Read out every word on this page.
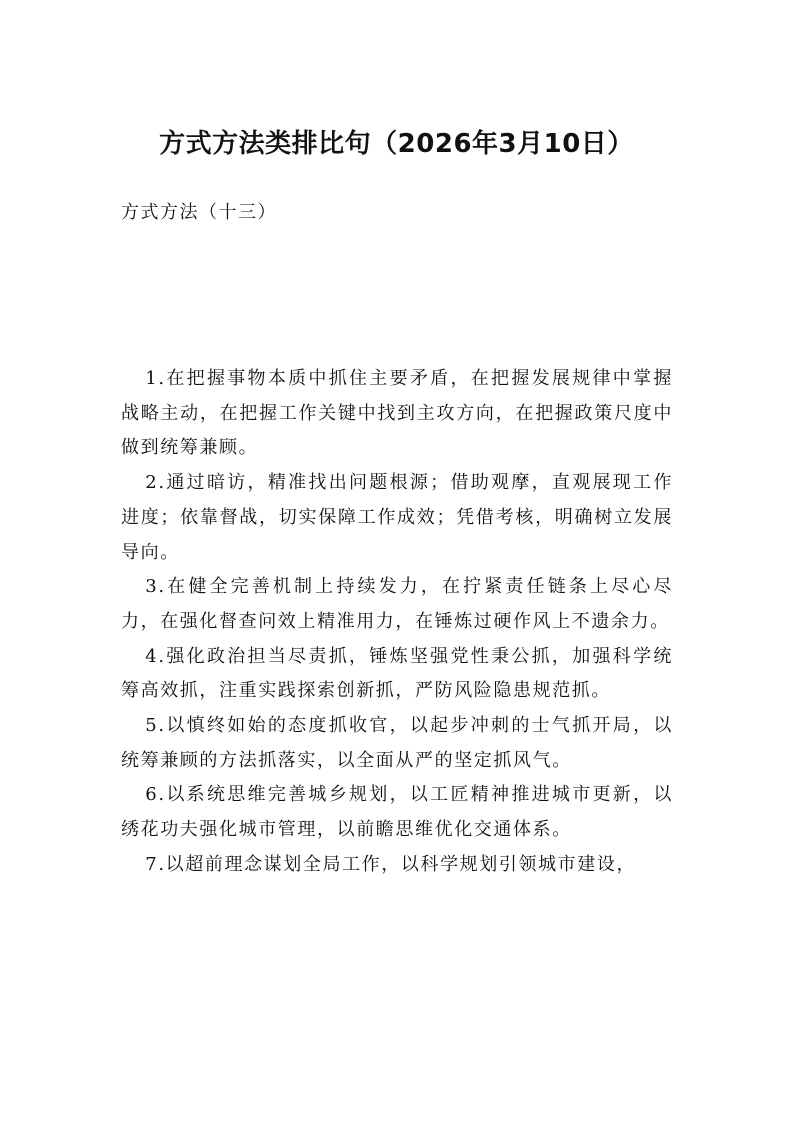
方式方法类排比句（2026年3月10日）

方式方法（十三）

1.在把握事物本质中抓住主要矛盾，在把握发展规律中掌握战略主动，在把握工作关键中找到主攻方向，在把握政策尺度中做到统筹兼顾。

2.通过暗访，精准找出问题根源；借助观摩，直观展现工作进度；依靠督战，切实保障工作成效；凭借考核，明确树立发展导向。

3.在健全完善机制上持续发力，在拧紧责任链条上尽心尽力，在强化督查问效上精准用力，在锤炼过硬作风上不遗余力。

4.强化政治担当尽责抓，锤炼坚强党性秉公抓，加强科学统筹高效抓，注重实践探索创新抓，严防风险隐患规范抓。

5.以慎终如始的态度抓收官，以起步冲刺的士气抓开局，以统筹兼顾的方法抓落实，以全面从严的坚定抓风气。

6.以系统思维完善城乡规划，以工匠精神推进城市更新，以绣花功夫强化城市管理，以前瞻思维优化交通体系。

7.以超前理念谋划全局工作，以科学规划引领城市建设，
